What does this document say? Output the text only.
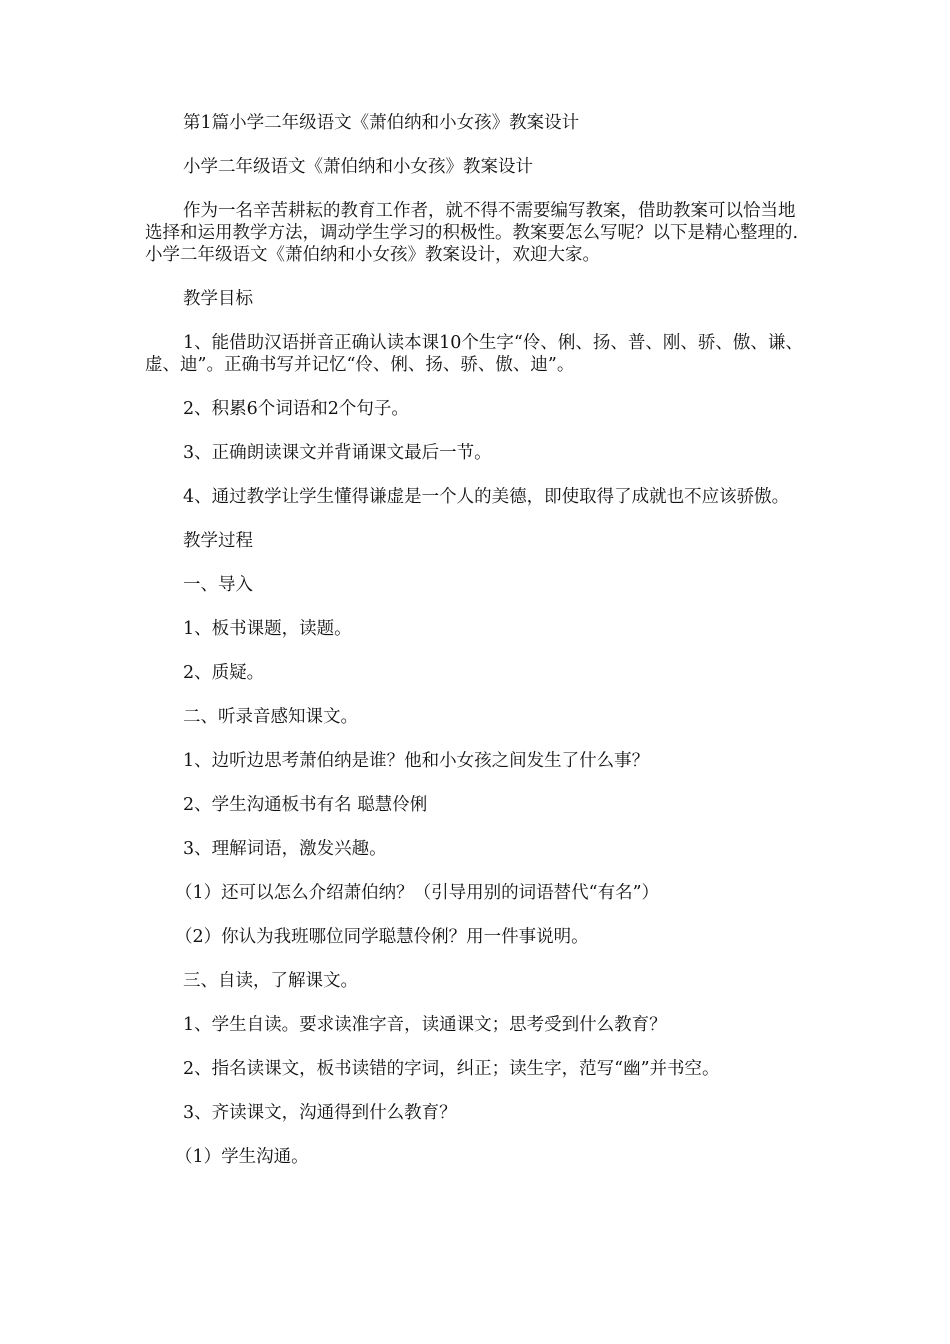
第1篇小学二年级语文《萧伯纳和小女孩》教案设计

小学二年级语文《萧伯纳和小女孩》教案设计

作为一名辛苦耕耘的教育工作者，就不得不需要编写教案，借助教案可以恰当地选择和运用教学方法，调动学生学习的积极性。教案要怎么写呢？以下是精心整理的.小学二年级语文《萧伯纳和小女孩》教案设计，欢迎大家。

教学目标

1、能借助汉语拼音正确认读本课10个生字“伶、俐、扬、普、刚、骄、傲、谦、虚、迪”。正确书写并记忆“伶、俐、扬、骄、傲、迪”。

2、积累6个词语和2个句子。

3、正确朗读课文并背诵课文最后一节。

4、通过教学让学生懂得谦虚是一个人的美德，即使取得了成就也不应该骄傲。

教学过程

一、导入

1、板书课题，读题。

2、质疑。

二、听录音感知课文。

1、边听边思考萧伯纳是谁？他和小女孩之间发生了什么事？

2、学生沟通板书有名 聪慧伶俐

3、理解词语，激发兴趣。

（1）还可以怎么介绍萧伯纳？（引导用别的词语替代“有名”）

（2）你认为我班哪位同学聪慧伶俐？用一件事说明。

三、自读，了解课文。

1、学生自读。要求读准字音，读通课文；思考受到什么教育？

2、指名读课文，板书读错的字词，纠正；读生字，范写“幽”并书空。

3、齐读课文，沟通得到什么教育？

（1）学生沟通。
